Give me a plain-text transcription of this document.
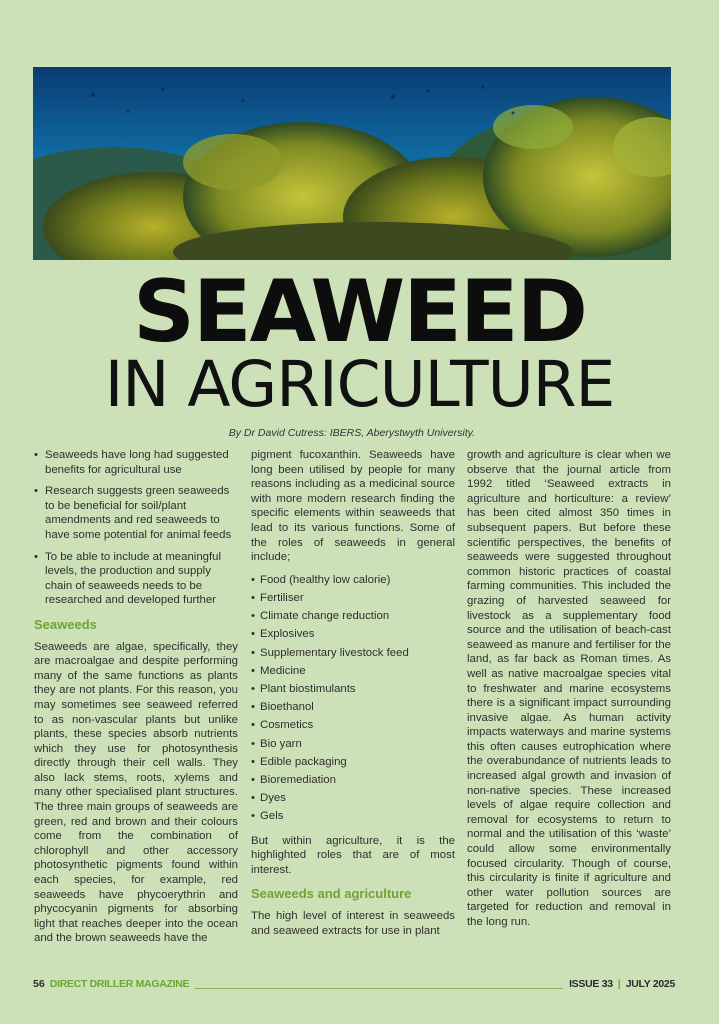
SEAWEED
IN AGRICULTURE
By Dr David Cutress: IBERS, Aberystwyth University.
• Seaweeds have long had suggested benefits for agricultural use
• Research suggests green seaweeds to be beneficial for soil/plant amendments and red seaweeds to have some potential for animal feeds
• To be able to include at meaningful levels, the production and supply chain of seaweeds needs to be researched and developed further
Seaweeds

Seaweeds are algae, specifically, they are macroalgae and despite performing many of the same functions as plants they are not plants. For this reason, you may sometimes see seaweed referred to as non-vascular plants but unlike plants, these species absorb nutrients which they use for photosynthesis directly through their cell walls. They also lack stems, roots, xylems and many other specialised plant structures. The three main groups of seaweeds are green, red and brown and their colours come from the combination of chlorophyll and other accessory photosynthetic pigments found within each species, for example, red seaweeds have phycoerythrin and phycocyanin pigments for absorbing light that reaches deeper into the ocean and the brown seaweeds have the

pigment fucoxanthin. Seaweeds have long been utilised by people for many reasons including as a medicinal source with more modern research finding the specific elements within seaweeds that lead to its various functions. Some of the roles of seaweeds in general include;

• Food (healthy low calorie)
• Fertiliser
• Climate change reduction
• Explosives
• Supplementary livestock feed
• Medicine
• Plant biostimulants
• Bioethanol
• Cosmetics
• Bio yarn
• Edible packaging
• Bioremediation
• Dyes
• Gels

But within agriculture, it is the highlighted roles that are of most interest.

Seaweeds and agriculture

The high level of interest in seaweeds and seaweed extracts for use in plant

growth and agriculture is clear when we observe that the journal article from 1992 titled ‘Seaweed extracts in agriculture and horticulture: a review’ has been cited almost 350 times in subsequent papers. But before these scientific perspectives, the benefits of seaweeds were suggested throughout common historic practices of coastal farming communities. This included the grazing of harvested seaweed for livestock as a supplementary food source and the utilisation of beach-cast seaweed as manure and fertiliser for the land, as far back as Roman times. As well as native macroalgae species vital to freshwater and marine ecosystems there is a significant impact surrounding invasive algae. As human activity impacts waterways and marine systems this often causes eutrophication where the overabundance of nutrients leads to increased algal growth and invasion of non-native species. These increased levels of algae require collection and removal for ecosystems to return to normal and the utilisation of this ‘waste’ could allow some environmentally focused circularity. Though of course, this circularity is finite if agriculture and other water pollution sources are targeted for reduction and removal in the long run.

56 DIRECT DRILLER MAGAZINE	ISSUE 33 | JULY 2025
